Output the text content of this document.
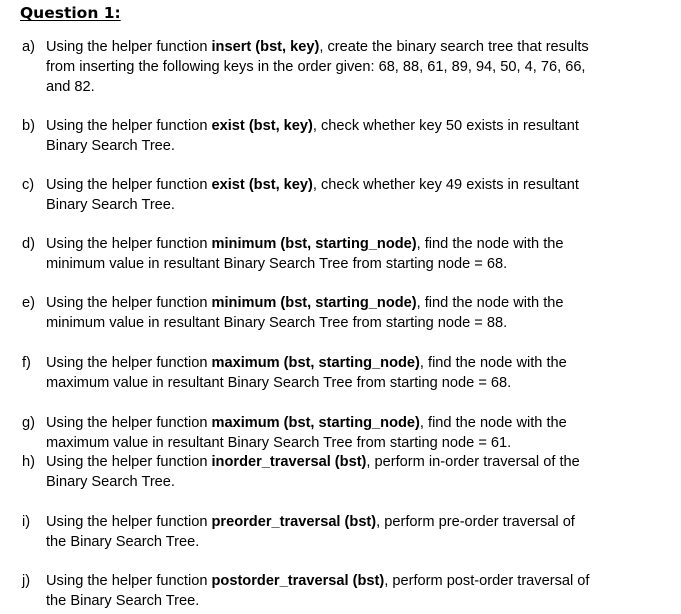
Question 1:
a) Using the helper function insert (bst, key), create the binary search tree that results
from inserting the following keys in the order given: 68, 88, 61, 89, 94, 50, 4, 76, 66,
and 82.
b) Using the helper function exist (bst, key), check whether key 50 exists in resultant
Binary Search Tree.
c) Using the helper function exist (bst, key), check whether key 49 exists in resultant
Binary Search Tree.
d) Using the helper function minimum (bst, starting_node), find the node with the
minimum value in resultant Binary Search Tree from starting node = 68.
e) Using the helper function minimum (bst, starting_node), find the node with the
minimum value in resultant Binary Search Tree from starting node = 88.
f)	Using the helper function maximum (bst, starting_node), find the node with the
maximum value in resultant Binary Search Tree from starting node = 68.
g) Using the helper function maximum (bst, starting_node), find the node with the
maximum value in resultant Binary Search Tree from starting node = 61.
h) Using the helper function inorder_traversal (bst), perform in-order traversal of the
Binary Search Tree.
i)	Using the helper function preorder_traversal (bst), perform pre-order traversal of
the Binary Search Tree.
j)	Using the helper function postorder_traversal (bst), perform post-order traversal of
the Binary Search Tree.
